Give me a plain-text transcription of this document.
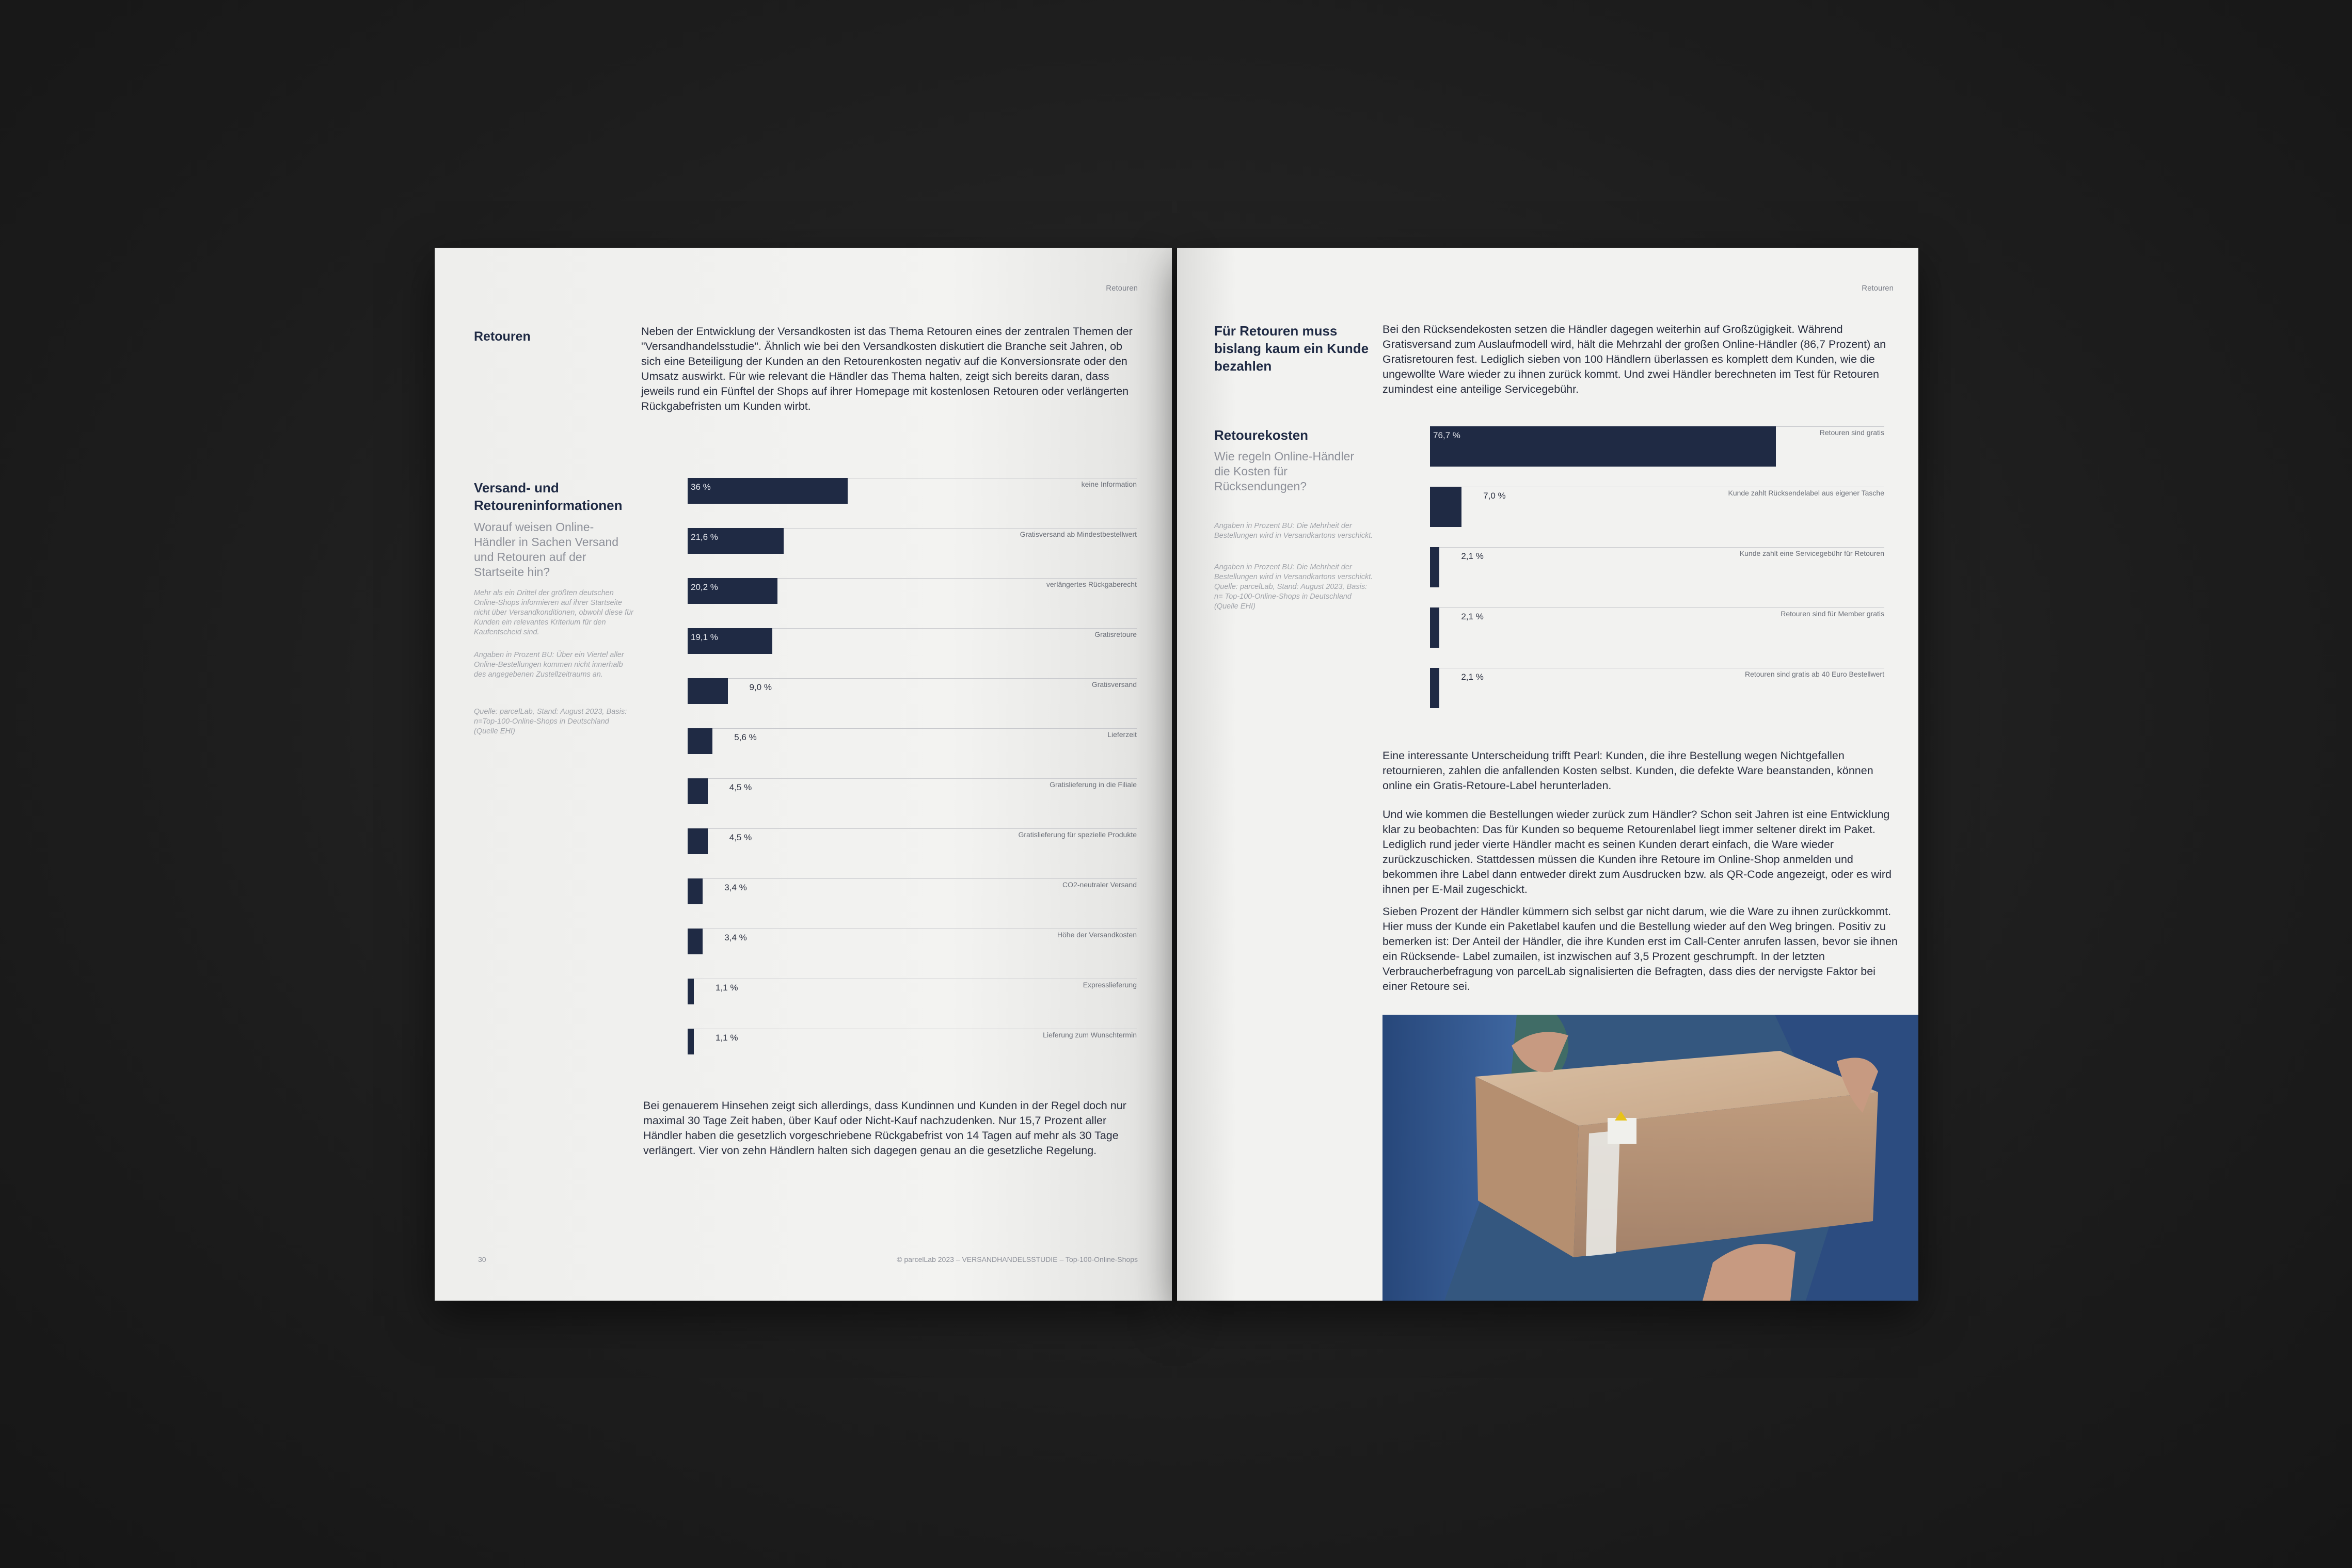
Retouren
Retouren	Neben der Entwicklung der Versandkosten ist das Thema Retouren eines der zentralen Themen der "Versandhandelsstudie". Ähnlich wie bei den Versandkosten diskutiert die Branche seit Jahren, ob sich eine Beteiligung der Kunden an den Retourenkosten negativ auf die Konversionsrate oder den Umsatz auswirkt. Für wie relevant die Händler das Thema halten, zeigt sich bereits daran, dass jeweils rund ein Fünftel der Shops auf ihrer Homepage mit kostenlosen Retouren oder verlängerten Rückgabefristen um Kunden wirbt.
Versand- und Retoureninformationen
Worauf weisen Online-Händler in Sachen Versand und Retouren auf der Startseite hin?
Mehr als ein Drittel der größten deutschen Online-Shops informieren auf ihrer Startseite nicht über Versandkonditionen, obwohl diese für Kunden ein relevantes Kriterium für den Kaufentscheid sind.
Angaben in Prozent BU: Über ein Viertel aller Online-Bestellungen kommen nicht innerhalb des angegebenen Zustellzeitraums an.
Quelle: parcelLab, Stand: August 2023, Basis: n=Top-100-Online-Shops in Deutschland (Quelle EHI)
36 %	keine Information
21,6 %	Gratisversand ab Mindestbestellwert
20,2 %	verlängertes Rückgaberecht
19,1 %	Gratisretoure
9,0 %	Gratisversand
5,6 %	Lieferzeit
4,5 %	Gratislieferung in die Filiale
4,5 %	Gratislieferung für spezielle Produkte
3,4 %	CO2-neutraler Versand
3,4 %	Höhe der Versandkosten
1,1 %	Expresslieferung
1,1 %	Lieferung zum Wunschtermin
Bei genauerem Hinsehen zeigt sich allerdings, dass Kundinnen und Kunden in der Regel doch nur maximal 30 Tage Zeit haben, über Kauf oder Nicht-Kauf nachzudenken. Nur 15,7 Prozent aller Händler haben die gesetzlich vorgeschriebene Rückgabefrist von 14 Tagen auf mehr als 30 Tage verlängert. Vier von zehn Händlern halten sich dagegen genau an die gesetzliche Regelung.
30	© parcelLab 2023 – VERSANDHANDELSSTUDIE – Top-100-Online-Shops
Retouren
Für Retouren muss bislang kaum ein Kunde bezahlen
Bei den Rücksendekosten setzen die Händler dagegen weiterhin auf Großzügigkeit. Während Gratisversand zum Auslaufmodell wird, hält die Mehrzahl der großen Online-Händler (86,7 Prozent) an Gratisretouren fest. Lediglich sieben von 100 Händlern überlassen es komplett dem Kunden, wie die ungewollte Ware wieder zu ihnen zurück kommt. Und zwei Händler berechneten im Test für Retouren zumindest eine anteilige Servicegebühr.
Retourekosten
Wie regeln Online-Händler die Kosten für Rücksendungen?
Angaben in Prozent BU: Die Mehrheit der Bestellungen wird in Versandkartons verschickt.
Angaben in Prozent BU: Die Mehrheit der Bestellungen wird in Versandkartons verschickt. Quelle: parcelLab, Stand: August 2023, Basis: n= Top-100-Online-Shops in Deutschland (Quelle EHI)
76,7 %	Retouren sind gratis
7,0 %	Kunde zahlt Rücksendelabel aus eigener Tasche
2,1 %	Kunde zahlt eine Servicegebühr für Retouren
2,1 %	Retouren sind für Member gratis
2,1 %	Retouren sind gratis ab 40 Euro Bestellwert
Eine interessante Unterscheidung trifft Pearl: Kunden, die ihre Bestellung wegen Nichtgefallen retournieren, zahlen die anfallenden Kosten selbst. Kunden, die defekte Ware beanstanden, können online ein Gratis-Retoure-Label herunterladen.
Und wie kommen die Bestellungen wieder zurück zum Händler? Schon seit Jahren ist eine Entwicklung klar zu beobachten: Das für Kunden so bequeme Retourenlabel liegt immer seltener direkt im Paket. Lediglich rund jeder vierte Händler macht es seinen Kunden derart einfach, die Ware wieder zurückzuschicken. Stattdessen müssen die Kunden ihre Retoure im Online-Shop anmelden und bekommen ihre Label dann entweder direkt zum Ausdrucken bzw. als QR-Code angezeigt, oder es wird ihnen per E-Mail zugeschickt.
Sieben Prozent der Händler kümmern sich selbst gar nicht darum, wie die Ware zu ihnen zurückkommt. Hier muss der Kunde ein Paketlabel kaufen und die Bestellung wieder auf den Weg bringen. Positiv zu bemerken ist: Der Anteil der Händler, die ihre Kunden erst im Call-Center anrufen lassen, bevor sie ihnen ein Rücksende- Label zumailen, ist inzwischen auf 3,5 Prozent geschrumpft. In der letzten Verbraucherbefragung von parcelLab signalisierten die Befragten, dass dies der nervigste Faktor bei einer Retoure sei.
